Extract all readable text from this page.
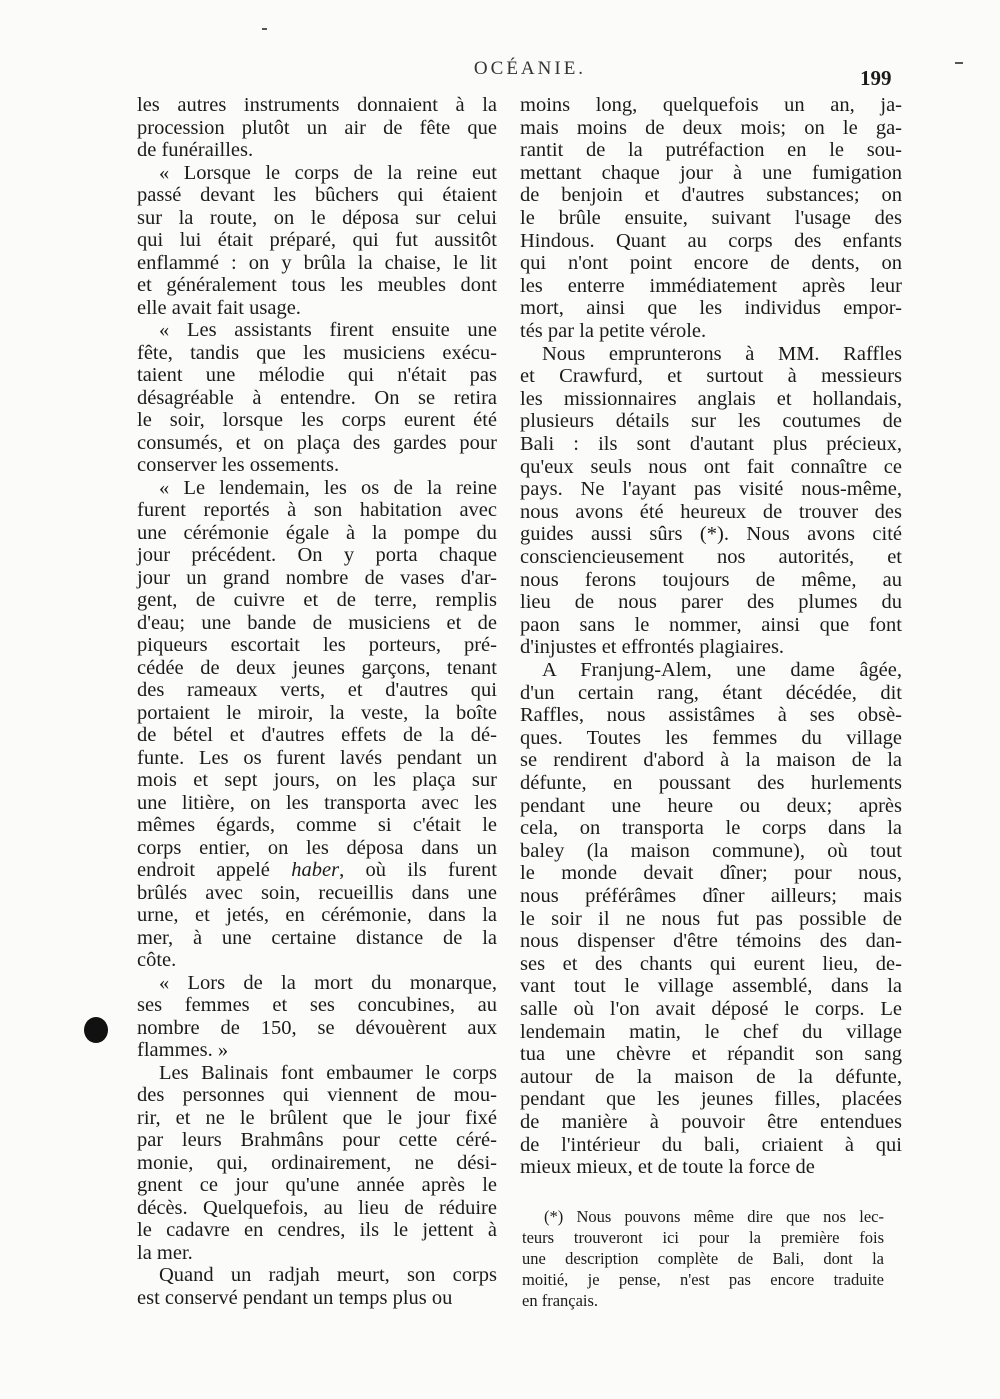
OCÉANIE.	199
les autres instruments donnaient à la
procession plutôt un air de fête que
de funérailles.
« Lorsque le corps de la reine eut
passé devant les bûchers qui étaient
sur la route, on le déposa sur celui
qui lui était préparé, qui fut aussitôt
enflammé : on y brûla la chaise, le lit
et généralement tous les meubles dont
elle avait fait usage.
« Les assistants firent ensuite une
fête, tandis que les musiciens exécu-
taient une mélodie qui n'était pas
désagréable à entendre. On se retira
le soir, lorsque les corps eurent été
consumés, et on plaça des gardes pour
conserver les ossements.
« Le lendemain, les os de la reine
furent reportés à son habitation avec
une cérémonie égale à la pompe du
jour précédent. On y porta chaque
jour un grand nombre de vases d'ar-
gent, de cuivre et de terre, remplis
d'eau; une bande de musiciens et de
piqueurs escortait les porteurs, pré-
cédée de deux jeunes garçons, tenant
des rameaux verts, et d'autres qui
portaient le miroir, la veste, la boîte
de bétel et d'autres effets de la dé-
funte. Les os furent lavés pendant un
mois et sept jours, on les plaça sur
une litière, on les transporta avec les
mêmes égards, comme si c'était le
corps entier, on les déposa dans un
endroit appelé haber, où ils furent
brûlés avec soin, recueillis dans une
urne, et jetés, en cérémonie, dans la
mer, à une certaine distance de la
côte.
« Lors de la mort du monarque,
ses femmes et ses concubines, au
nombre de 150, se dévouèrent aux
flammes. »
Les Balinais font embaumer le corps
des personnes qui viennent de mou-
rir, et ne le brûlent que le jour fixé
par leurs Brahmâns pour cette céré-
monie, qui, ordinairement, ne dési-
gnent ce jour qu'une année après le
décès. Quelquefois, au lieu de réduire
le cadavre en cendres, ils le jettent à
la mer.
Quand un radjah meurt, son corps
est conservé pendant un temps plus ou
moins long, quelquefois un an, ja-
mais moins de deux mois; on le ga-
rantit de la putréfaction en le sou-
mettant chaque jour à une fumigation
de benjoin et d'autres substances; on
le brûle ensuite, suivant l'usage des
Hindous. Quant au corps des enfants
qui n'ont point encore de dents, on
les enterre immédiatement après leur
mort, ainsi que les individus empor-
tés par la petite vérole.
Nous emprunterons à MM. Raffles
et Crawfurd, et surtout à messieurs
les missionnaires anglais et hollandais,
plusieurs détails sur les coutumes de
Bali : ils sont d'autant plus précieux,
qu'eux seuls nous ont fait connaître ce
pays. Ne l'ayant pas visité nous-même,
nous avons été heureux de trouver des
guides aussi sûrs (*). Nous avons cité
consciencieusement nos autorités, et
nous ferons toujours de même, au
lieu de nous parer des plumes du
paon sans le nommer, ainsi que font
d'injustes et effrontés plagiaires.
A Franjung-Alem, une dame âgée,
d'un certain rang, étant décédée, dit
Raffles, nous assistâmes à ses obsè-
ques. Toutes les femmes du village
se rendirent d'abord à la maison de la
défunte, en poussant des hurlements
pendant une heure ou deux; après
cela, on transporta le corps dans la
baley (la maison commune), où tout
le monde devait dîner; pour nous,
nous préférâmes dîner ailleurs; mais
le soir il ne nous fut pas possible de
nous dispenser d'être témoins des dan-
ses et des chants qui eurent lieu, de-
vant tout le village assemblé, dans la
salle où l'on avait déposé le corps. Le
lendemain matin, le chef du village
tua une chèvre et répandit son sang
autour de la maison de la défunte,
pendant que les jeunes filles, placées
de manière à pouvoir être entendues
de l'intérieur du bali, criaient à qui
mieux mieux, et de toute la force de
(*) Nous pouvons même dire que nos lec-
teurs trouveront ici pour la première fois
une description complète de Bali, dont la
moitié, je pense, n'est pas encore traduite
en français.
